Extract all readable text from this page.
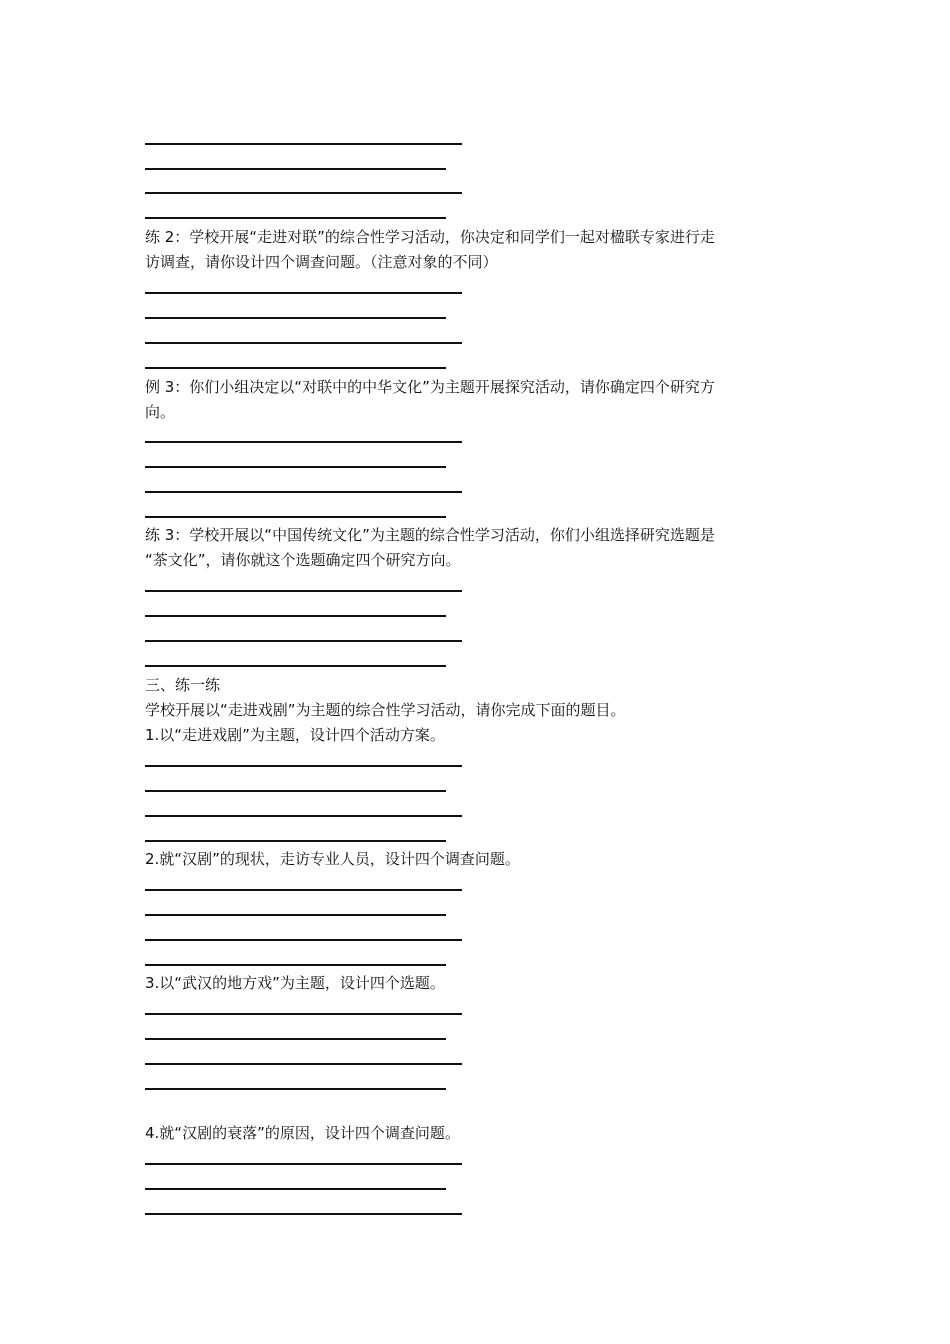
练 2：学校开展“走进对联”的综合性学习活动，你决定和同学们一起对楹联专家进行走
访调查，请你设计四个调查问题。（注意对象的不同）
例 3：你们小组决定以“对联中的中华文化”为主题开展探究活动，请你确定四个研究方
向。
练 3：学校开展以“中国传统文化”为主题的综合性学习活动，你们小组选择研究选题是
“茶文化”，请你就这个选题确定四个研究方向。
三、练一练
学校开展以“走进戏剧”为主题的综合性学习活动，请你完成下面的题目。
1.以“走进戏剧”为主题，设计四个活动方案。
2.就“汉剧”的现状，走访专业人员，设计四个调查问题。
3.以“武汉的地方戏”为主题，设计四个选题。
4.就“汉剧的衰落”的原因，设计四个调查问题。
